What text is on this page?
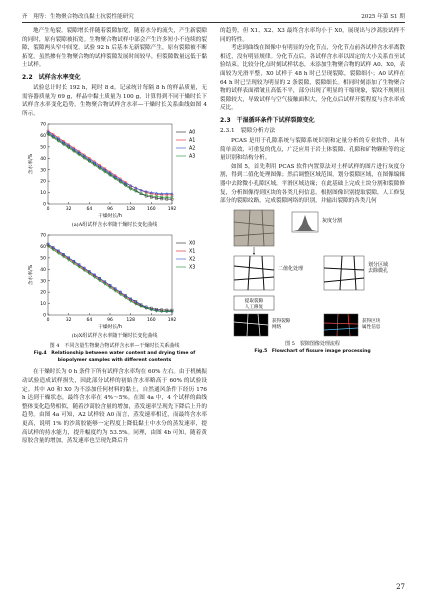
齐　翔等：生物聚合物改良黏土抗裂性能研究	2025 年第 S1 期

地产生龟裂。裂隙增长伴随着裂隙加宽，随着水分的流失，产生新裂隙的同时，原有裂隙被拓宽。生物聚合物试样中部会产生许多短小不连续的裂隙，裂隙两头窄中间宽。试验 92 h 后基本无新裂隙产生，原有裂隙被不断拓宽。虽然掺有生物聚合物的试样裂隙发展时间较早，但裂隙数量远低于黏土试样。

2.2　试样含水率变化

试验总计时长 192 h，耗时 8 d。记录统计每隔 8 h 的样品质量，无需容器质量为 69 g，样品中黏土质量为 100 g，计算得到不同干燥时长下试样含水率变化趋势。生物聚合物试样含水率—干燥时长关系曲线如图 4 所示。

0
10
20
30
40
50
60
70
0	32	64	96	128	160	192
干燥时长/h
含水率/%
A0
A1
A2
A3
(a)A组试样含水率随干燥时长变化曲线
0
10
20
30
40
50
60
70
0	32	64	96	128	160	192
干燥时长/h
含水率/%
X0
X1
X2
X3
(b)X组试样含水率随干燥时长变化曲线
图 4　不同含量生物聚合物试样含水率—干燥时长关系曲线
Fig.4　Relationship between water content and drying time of
biopolymer samples with different contents

在干燥时长为 0 h 条件下所有试样含水率均在 60% 左右。由于机械振动试验造成试样损失，因此部分试样的初始含水率略高于 60% 的试验设定。其中 A0 和 X0 为不添加任何材料的黏土，自然通风条件下经历 176 h 达到干燥状态，最终含水率在 4%～5%。在图 4a 中，4 个试样的曲线整体变化趋势相似，随着沙蒿胶含量的增加，蒸发速率呈现先下降后上升的趋势。由图 4a 可知，A2 试样较 A0 而言，蒸发速率相近，而最终含水率更高，说明 1% 的沙蒿胶能够一定程度上降低黏土中水分的蒸发速率，提高试样的持水能力，提升幅度约为 53.5%。同理，由图 4b 可知，随着黄原胶含量的增加，蒸发速率也呈现先降后升

的趋势，但 X1、X2、X3 最终含水率均小于 X0，展现出与沙蒿胶试样不同的特性。

考虑到曲线在图像中有明显的分化节点，分化节点前各试样含水率离散相近，没有明显规律。分化节点后，各试样含水率以固定的大小关系直至试验结束。比较分化点时刻试样状态，未添加生物聚合物的试样 A0、X0，表面较为光滑平整，X0 试样于 48 h 时已呈现裂隙，裂隙细小；A0 试样在 64 h 时已呈现较为明显的 2 条裂隙，裂隙细长。相同时刻添加了生物聚合物的试样表面褶皱且高低不平，部分出现了明显的干缩现象，裂纹不规则且裂隙较大，导致试样与空气接触面积大，分化点后试样开裂程度与含水率成反比。

2.3　干湿循环条件下试样裂隙变化
2.3.1　裂隙分析方法

PCAS 是用于孔隙系统与裂隙系统识别和定量分析的专业软件，具有简单高效、可重复的优点，广泛应用于岩土体裂隙、孔隙和矿物颗粒等的定量识别和结构分析。

如图 5，首先利用 PCAS 软件内置算法对土样试样的图片进行灰度分割，得到二值化处理图像；然后调整区域范围，划分裂隙区域，在图像编辑器中去除微小孔隙区域，平滑区域边缘；在此基础上完成土块分割和裂隙修复，分析图像得到区块的各类几何信息。根据图像识别提取裂隙，人工修复部分的裂隙纹路，完成裂隙网络的识别，并输出裂隙的各类几何

灰度分割
二值化处理
划分区域去除微孔
提取裂隙人工修复
获得裂隙网络
获得区块属性信息
图 5　裂隙图像处理流程
Fig.5　Flowchart of fissure image processing
27
